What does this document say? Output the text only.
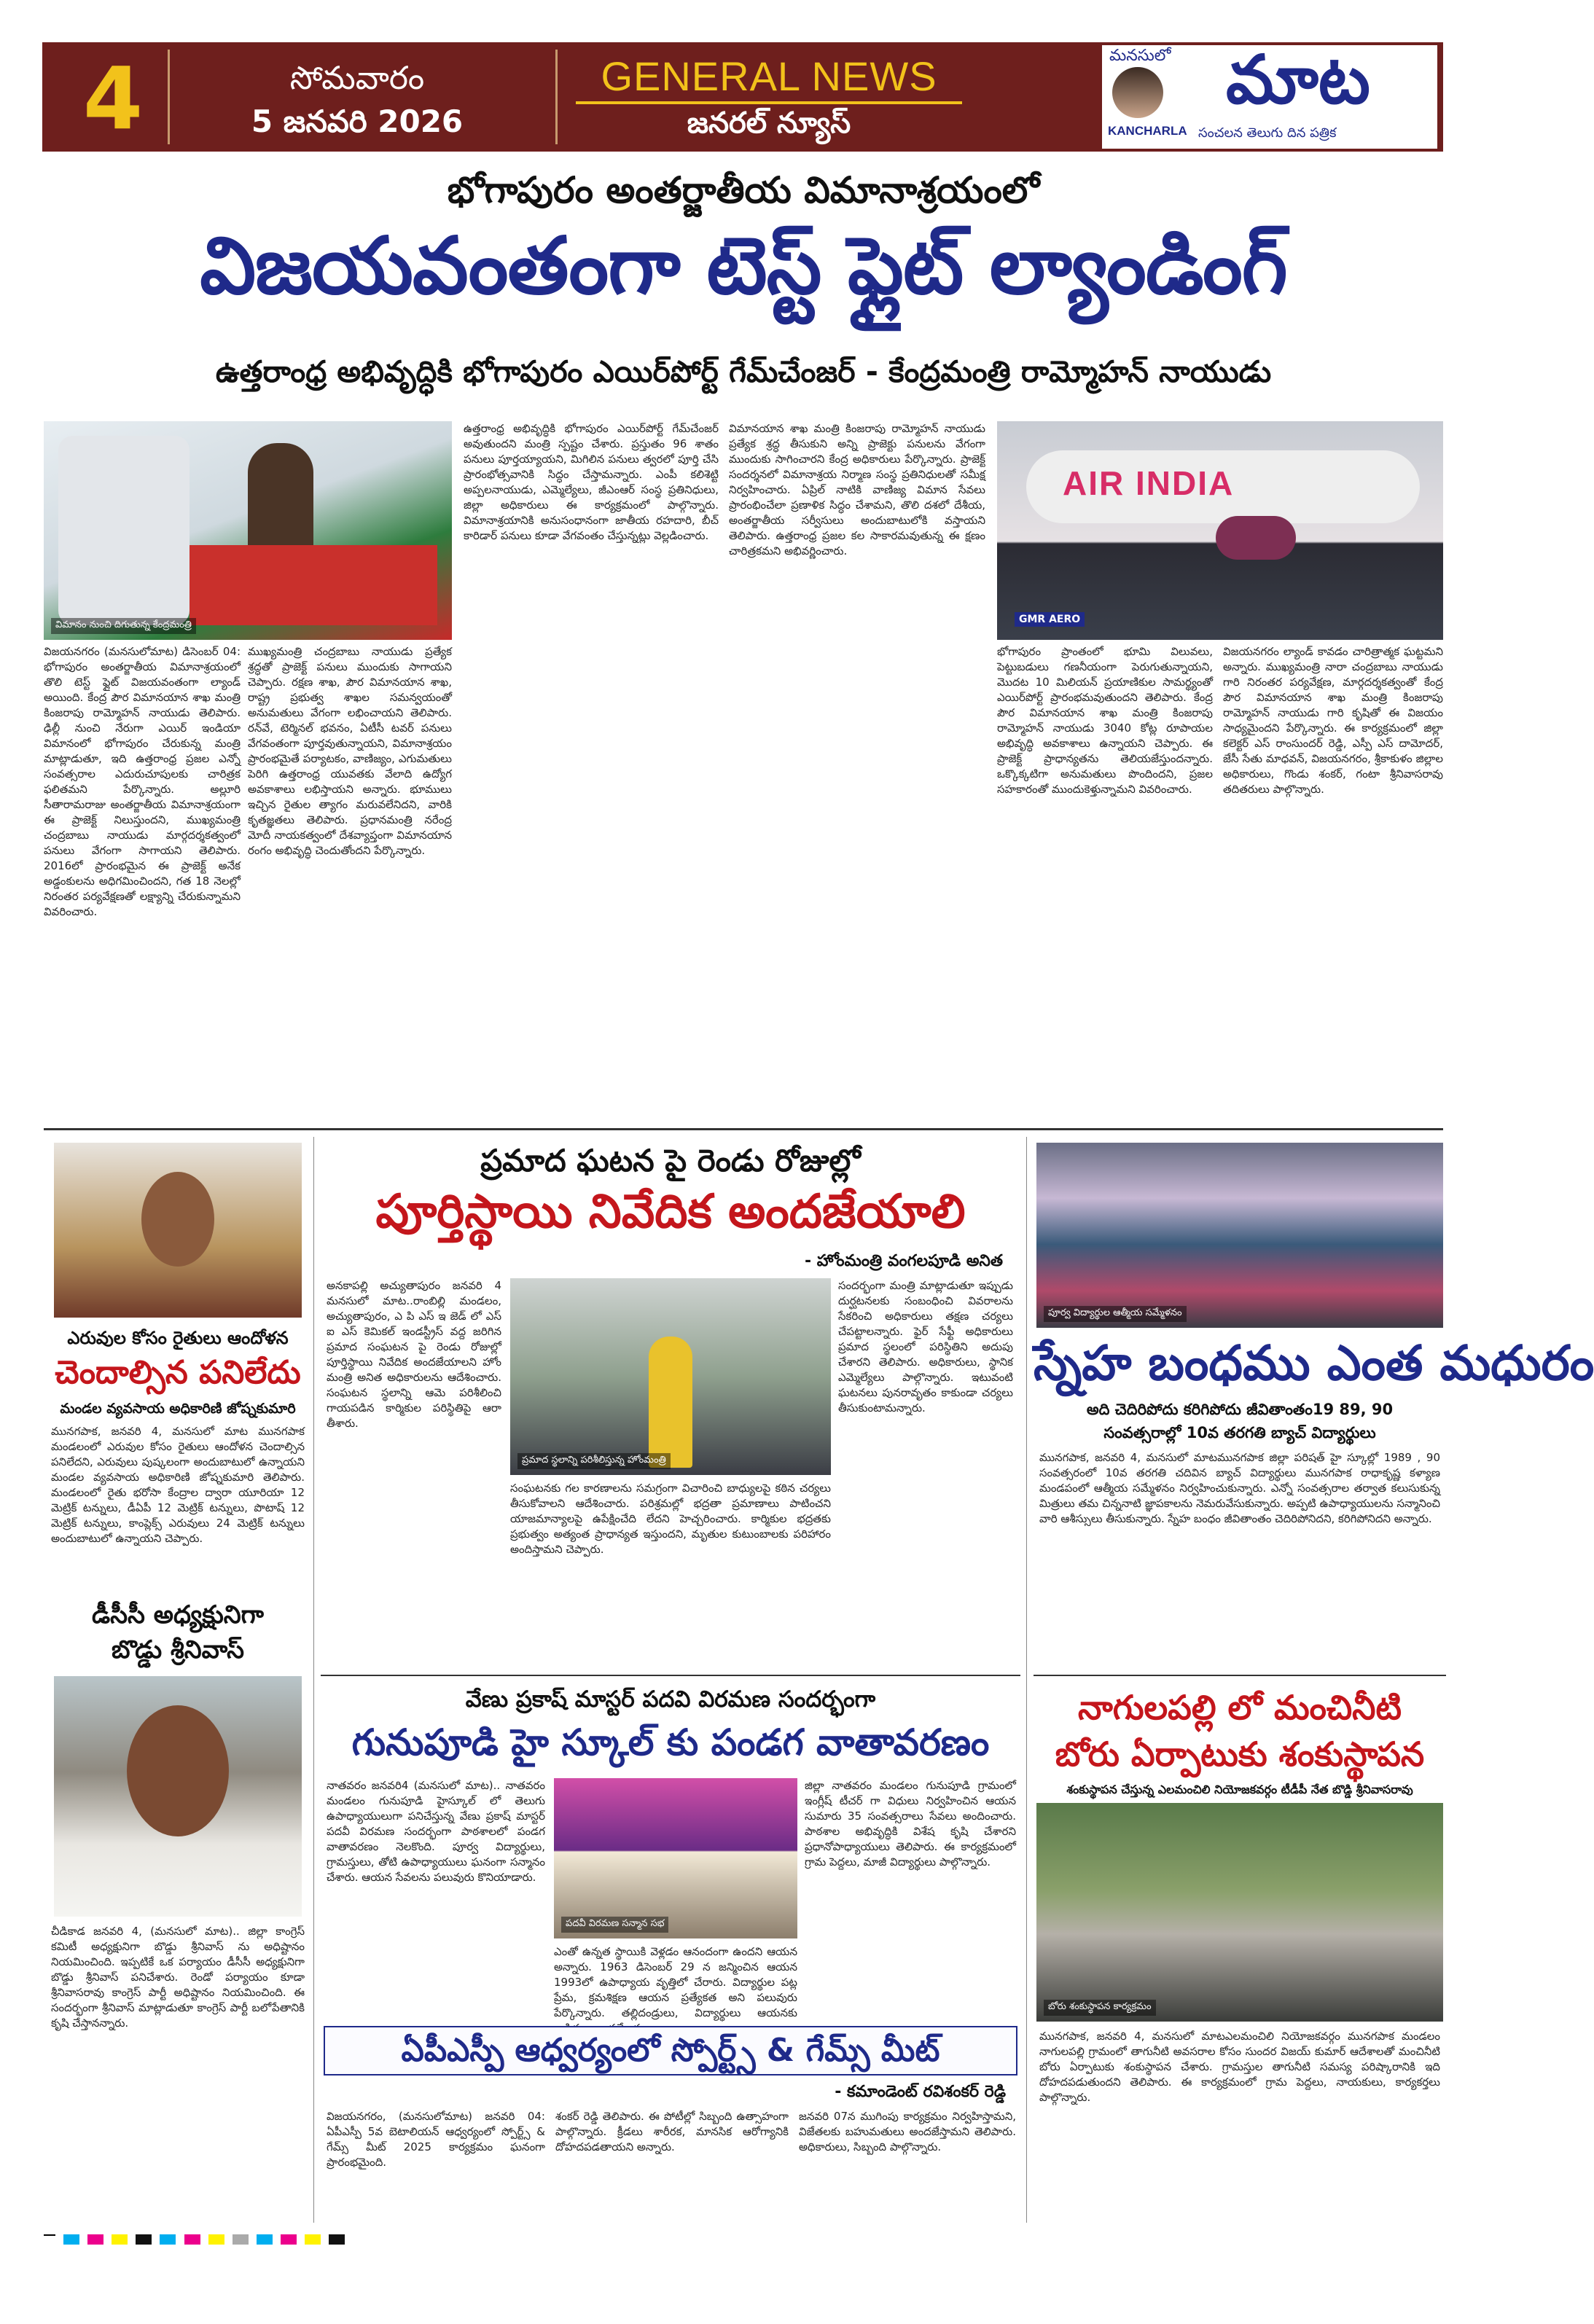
4	సోమవారం
5 జనవరి 2026
GENERAL NEWS
జనరల్ న్యూస్
మనసులో మాట
KANCHARLA సంచలన తెలుగు దిన పత్రిక
భోగాపురం అంతర్జాతీయ విమానాశ్రయంలో
విజయవంతంగా టెస్ట్ ఫ్లైట్ ల్యాండింగ్
ఉత్తరాంధ్ర అభివృద్ధికి భోగాపురం ఎయిర్‌పోర్ట్ గేమ్‌చేంజర్ - కేంద్రమంత్రి రామ్మోహన్ నాయుడు
విమానం నుంచి దిగుతున్న కేంద్రమంత్రి
AIR INDIA
GMR AERO

విజయనగరం (మనసులోమాట) డిసెంబర్ 04: భోగాపురం అంతర్జాతీయ విమానాశ్రయంలో తొలి టెస్ట్ ఫ్లైట్ విజయవంతంగా ల్యాండ్ అయింది. కేంద్ర పౌర విమానయాన శాఖ మంత్రి కింజరాపు రామ్మోహన్ నాయుడు తెలిపారు. ఢిల్లీ నుంచి నేరుగా ఎయిర్ ఇండియా విమానంలో భోగాపురం చేరుకున్న మంత్రి మాట్లాడుతూ, ఇది ఉత్తరాంధ్ర ప్రజల ఎన్నో సంవత్సరాల ఎదురుచూపులకు చారిత్రక ఫలితమని పేర్కొన్నారు. అల్లూరి సీతారామరాజు అంతర్జాతీయ విమానాశ్రయంగా ఈ ప్రాజెక్ట్ నిలుస్తుందని, ముఖ్యమంత్రి చంద్రబాబు నాయుడు మార్గదర్శకత్వంలో పనులు వేగంగా సాగాయని తెలిపారు. 2016లో ప్రారంభమైన ఈ ప్రాజెక్ట్ అనేక అడ్డంకులను అధిగమించిందని, గత 18 నెలల్లో నిరంతర పర్యవేక్షణతో లక్ష్యాన్ని చేరుకున్నామని వివరించారు.

ముఖ్యమంత్రి చంద్రబాబు నాయుడు ప్రత్యేక శ్రద్ధతో ప్రాజెక్ట్ పనులు ముందుకు సాగాయని చెప్పారు. రక్షణ శాఖ, పౌర విమానయాన శాఖ, రాష్ట్ర ప్రభుత్వ శాఖల సమన్వయంతో అనుమతులు వేగంగా లభించాయని తెలిపారు. రన్‌వే, టెర్మినల్ భవనం, ఏటీసీ టవర్ పనులు వేగవంతంగా పూర్తవుతున్నాయని, విమానాశ్రయం ప్రారంభమైతే పర్యాటకం, వాణిజ్యం, ఎగుమతులు పెరిగి ఉత్తరాంధ్ర యువతకు వేలాది ఉద్యోగ అవకాశాలు లభిస్తాయని అన్నారు. భూములు ఇచ్చిన రైతుల త్యాగం మరువలేనిదని, వారికి కృతజ్ఞతలు తెలిపారు. ప్రధానమంత్రి నరేంద్ర మోదీ నాయకత్వంలో దేశవ్యాప్తంగా విమానయాన రంగం అభివృద్ధి చెందుతోందని పేర్కొన్నారు.

ఉత్తరాంధ్ర అభివృద్ధికి భోగాపురం ఎయిర్‌పోర్ట్ గేమ్‌చేంజర్ అవుతుందని మంత్రి స్పష్టం చేశారు. ప్రస్తుతం 96 శాతం పనులు పూర్తయ్యాయని, మిగిలిన పనులు త్వరలో పూర్తి చేసి ప్రారంభోత్సవానికి సిద్ధం చేస్తామన్నారు. ఎంపీ కలిశెట్టి అప్పలనాయుడు, ఎమ్మెల్యేలు, జీఎంఆర్ సంస్థ ప్రతినిధులు, జిల్లా అధికారులు ఈ కార్యక్రమంలో పాల్గొన్నారు. విమానాశ్రయానికి అనుసంధానంగా జాతీయ రహదారి, బీచ్ కారిడార్ పనులు కూడా వేగవంతం చేస్తున్నట్లు వెల్లడించారు.

విమానయాన శాఖ మంత్రి కింజరాపు రామ్మోహన్ నాయుడు ప్రత్యేక శ్రద్ధ తీసుకుని అన్ని ప్రాజెక్టు పనులను వేగంగా ముందుకు సాగించారని కేంద్ర అధికారులు పేర్కొన్నారు. ప్రాజెక్ట్ సందర్శనలో విమానాశ్రయ నిర్మాణ సంస్థ ప్రతినిధులతో సమీక్ష నిర్వహించారు. ఏప్రిల్ నాటికి వాణిజ్య విమాన సేవలు ప్రారంభించేలా ప్రణాళిక సిద్ధం చేశామని, తొలి దశలో దేశీయ, అంతర్జాతీయ సర్వీసులు అందుబాటులోకి వస్తాయని తెలిపారు. ఉత్తరాంధ్ర ప్రజల కల సాకారమవుతున్న ఈ క్షణం చారిత్రకమని అభివర్ణించారు.

భోగాపురం ప్రాంతంలో భూమి విలువలు, పెట్టుబడులు గణనీయంగా పెరుగుతున్నాయని, మొదట 10 మిలియన్ ప్రయాణికుల సామర్థ్యంతో ఎయిర్‌పోర్ట్ ప్రారంభమవుతుందని తెలిపారు. కేంద్ర పౌర విమానయాన శాఖ మంత్రి కింజరాపు రామ్మోహన్ నాయుడు 3040 కోట్ల రూపాయల అభివృద్ధి అవకాశాలు ఉన్నాయని చెప్పారు. ఈ ప్రాజెక్ట్ ప్రాధాన్యతను తెలియజేస్తుందన్నారు. ఒక్కొక్కటిగా అనుమతులు పొందిందని, ప్రజల సహకారంతో ముందుకెళ్తున్నామని వివరించారు.

విజయనగరం ల్యాండ్ కావడం చారిత్రాత్మక ఘట్టమని అన్నారు. ముఖ్యమంత్రి నారా చంద్రబాబు నాయుడు గారి నిరంతర పర్యవేక్షణ, మార్గదర్శకత్వంతో కేంద్ర పౌర విమానయాన శాఖ మంత్రి కింజరాపు రామ్మోహన్ నాయుడు గారి కృషితో ఈ విజయం సాధ్యమైందని పేర్కొన్నారు. ఈ కార్యక్రమంలో జిల్లా కలెక్టర్ ఎస్ రాంసుందర్ రెడ్డి, ఎస్పీ ఎస్ దామోదర్, జేసీ సేతు మాధవన్, విజయనగరం, శ్రీకాకుళం జిల్లాల అధికారులు, గొండు శంకర్, గంటా శ్రీనివాసరావు తదితరులు పాల్గొన్నారు.

ఎరువుల కోసం రైతులు ఆందోళన
చెందాల్సిన పనిలేదు
మండల వ్యవసాయ అధికారిణి జోష్నకుమారి

మునగపాక, జనవరి 4, మనసులో మాట మునగపాక మండలంలో ఎరువుల కోసం రైతులు ఆందోళన చెందాల్సిన పనిలేదని, ఎరువులు పుష్కలంగా అందుబాటులో ఉన్నాయని మండల వ్యవసాయ అధికారిణి జోష్నకుమారి తెలిపారు. మండలంలో రైతు భరోసా కేంద్రాల ద్వారా యూరియా 12 మెట్రిక్ టన్నులు, డీఏపీ 12 మెట్రిక్ టన్నులు, పొటాష్ 12 మెట్రిక్ టన్నులు, కాంప్లెక్స్ ఎరువులు 24 మెట్రిక్ టన్నులు అందుబాటులో ఉన్నాయని చెప్పారు.

డీసీసీ అధ్యక్షునిగా
బొడ్డు శ్రీనివాస్

చీడికాడ జనవరి 4, (మనసులో మాట).. జిల్లా కాంగ్రెస్ కమిటీ అధ్యక్షునిగా బొడ్డు శ్రీనివాస్ ను అధిష్టానం నియమించింది. ఇప్పటికే ఒక పర్యాయం డీసీసీ అధ్యక్షునిగా బొడ్డు శ్రీనివాస్ పనిచేశారు. రెండో పర్యాయం కూడా శ్రీనివాసరావు కాంగ్రెస్ పార్టీ అధిష్టానం నియమించింది. ఈ సందర్భంగా శ్రీనివాస్ మాట్లాడుతూ కాంగ్రెస్ పార్టీ బలోపేతానికి కృషి చేస్తానన్నారు.

ప్రమాద ఘటన పై రెండు రోజుల్లో
పూర్తిస్థాయి నివేదిక అందజేయాలి
- హోంమంత్రి వంగలపూడి అనిత

అనకాపల్లి అచ్యుతాపురం జనవరి 4 మనసులో మాట..రాంబిల్లి మండలం, అచ్యుతాపురం, ఎ పి ఎస్ ఇ జెడ్ లో ఎస్ ఐ ఎస్ కెమికల్ ఇండస్ట్రీస్ వద్ద జరిగిన ప్రమాద సంఘటన పై రెండు రోజుల్లో పూర్తిస్థాయి నివేదిక అందజేయాలని హోం మంత్రి అనిత అధికారులను ఆదేశించారు. సంఘటన స్థలాన్ని ఆమె పరిశీలించి గాయపడిన కార్మికుల పరిస్థితిపై ఆరా తీశారు.

ప్రమాద స్థలాన్ని పరిశీలిస్తున్న హోంమంత్రి

సంఘటనకు గల కారణాలను సమగ్రంగా విచారించి బాధ్యులపై కఠిన చర్యలు తీసుకోవాలని ఆదేశించారు. పరిశ్రమల్లో భద్రతా ప్రమాణాలు పాటించని యాజమాన్యాలపై ఉపేక్షించేది లేదని హెచ్చరించారు. కార్మికుల భద్రతకు ప్రభుత్వం అత్యంత ప్రాధాన్యత ఇస్తుందని, మృతుల కుటుంబాలకు పరిహారం అందిస్తామని చెప్పారు.

సందర్భంగా మంత్రి మాట్లాడుతూ ఇప్పుడు దుర్ఘటనలకు సంబంధించి వివరాలను సేకరించి అధికారులు తక్షణ చర్యలు చేపట్టాలన్నారు. ఫైర్ సేఫ్టీ అధికారులు ప్రమాద స్థలంలో పరిస్థితిని అదుపు చేశారని తెలిపారు. అధికారులు, స్థానిక ఎమ్మెల్యేలు పాల్గొన్నారు. ఇటువంటి ఘటనలు పునరావృతం కాకుండా చర్యలు తీసుకుంటామన్నారు.

వేణు ప్రకాష్ మాస్టర్ పదవి విరమణ సందర్భంగా
గునుపూడి హై స్కూల్ కు పండగ వాతావరణం

నాతవరం జనవరి4 (మనసులో మాట).. నాతవరం మండలం గునుపూడి హైస్కూల్ లో తెలుగు ఉపాధ్యాయులుగా పనిచేస్తున్న వేణు ప్రకాష్ మాస్టర్ పదవీ విరమణ సందర్భంగా పాఠశాలలో పండగ వాతావరణం నెలకొంది. పూర్వ విద్యార్థులు, గ్రామస్తులు, తోటి ఉపాధ్యాయులు ఘనంగా సన్మానం చేశారు. ఆయన సేవలను పలువురు కొనియాడారు.

పదవీ విరమణ సన్మాన సభ

ఎంతో ఉన్నత స్థాయికి వెళ్లడం ఆనందంగా ఉందని ఆయన అన్నారు. 1963 డిసెంబర్ 29 న జన్మించిన ఆయన 1993లో ఉపాధ్యాయ వృత్తిలో చేరారు. విద్యార్థుల పట్ల ప్రేమ, క్రమశిక్షణ ఆయన ప్రత్యేకత అని పలువురు పేర్కొన్నారు. తల్లిదండ్రులు, విద్యార్థులు ఆయనకు

జిల్లా నాతవరం మండలం గునుపూడి గ్రామంలో ఇంగ్లీష్ టీచర్ గా విధులు నిర్వహించిన ఆయన సుమారు 35 సంవత్సరాలు సేవలు అందించారు. పాఠశాల అభివృద్ధికి విశేష కృషి చేశారని ప్రధానోపాధ్యాయులు తెలిపారు. ఈ కార్యక్రమంలో గ్రామ పెద్దలు, మాజీ విద్యార్థులు పాల్గొన్నారు.

ఏపీఎస్పీ ఆధ్వర్యంలో స్పోర్ట్స్ & గేమ్స్ మీట్
- కమాండెంట్ రవిశంకర్ రెడ్డి

విజయనగరం, (మనసులోమాట) జనవరి 04: ఏపీఎస్పీ 5వ బెటాలియన్ ఆధ్వర్యంలో స్పోర్ట్స్ & గేమ్స్ మీట్ 2025 కార్యక్రమం ఘనంగా ప్రారంభమైంది.

శంకర్ రెడ్డి తెలిపారు. ఈ పోటీల్లో సిబ్బంది ఉత్సాహంగా పాల్గొన్నారు. క్రీడలు శారీరక, మానసిక ఆరోగ్యానికి దోహదపడతాయని అన్నారు.

జనవరి 07న ముగింపు కార్యక్రమం నిర్వహిస్తామని, విజేతలకు బహుమతులు అందజేస్తామని తెలిపారు. అధికారులు, సిబ్బంది పాల్గొన్నారు.

పూర్వ విద్యార్థుల ఆత్మీయ సమ్మేళనం
స్నేహ బంధము ఎంత మధురం
అది చెదిరిపోదు కరిగిపోదు జీవితాంతం19 89, 90
సంవత్సరాల్లో 10వ తరగతి బ్యాచ్ విద్యార్థులు

మునగపాక, జనవరి 4, మనసులో మాటమునగపాక జిల్లా పరిషత్ హై స్కూల్లో 1989 , 90 సంవత్సరంలో 10వ తరగతి చదివిన బ్యాచ్ విద్యార్థులు మునగపాక రాధాకృష్ణ కళ్యాణ మండపంలో ఆత్మీయ సమ్మేళనం నిర్వహించుకున్నారు. ఎన్నో సంవత్సరాల తర్వాత కలుసుకున్న మిత్రులు తమ చిన్ననాటి జ్ఞాపకాలను నెమరువేసుకున్నారు. అప్పటి ఉపాధ్యాయులను సన్మానించి వారి ఆశీస్సులు తీసుకున్నారు. స్నేహ బంధం జీవితాంతం చెదిరిపోనిదని, కరిగిపోనిదని అన్నారు.

నాగులపల్లి లో మంచినీటి
బోరు ఏర్పాటుకు శంకుస్థాపన
శంకుస్థాపన చేస్తున్న ఎలమంచిలి నియోజకవర్గం టీడీపీ నేత బొడ్డి శ్రీనివాసరావు
బోరు శంకుస్థాపన కార్యక్రమం

మునగపాక, జనవరి 4, మనసులో మాటఎలమంచిలి నియోజకవర్గం మునగపాక మండలం నాగులపల్లి గ్రామంలో తాగునీటి అవసరాల కోసం సుందర విజయ్ కుమార్ ఆదేశాలతో మంచినీటి బోరు ఏర్పాటుకు శంకుస్థాపన చేశారు. గ్రామస్తుల తాగునీటి సమస్య పరిష్కారానికి ఇది దోహదపడుతుందని తెలిపారు. ఈ కార్యక్రమంలో గ్రామ పెద్దలు, నాయకులు, కార్యకర్తలు పాల్గొన్నారు.
